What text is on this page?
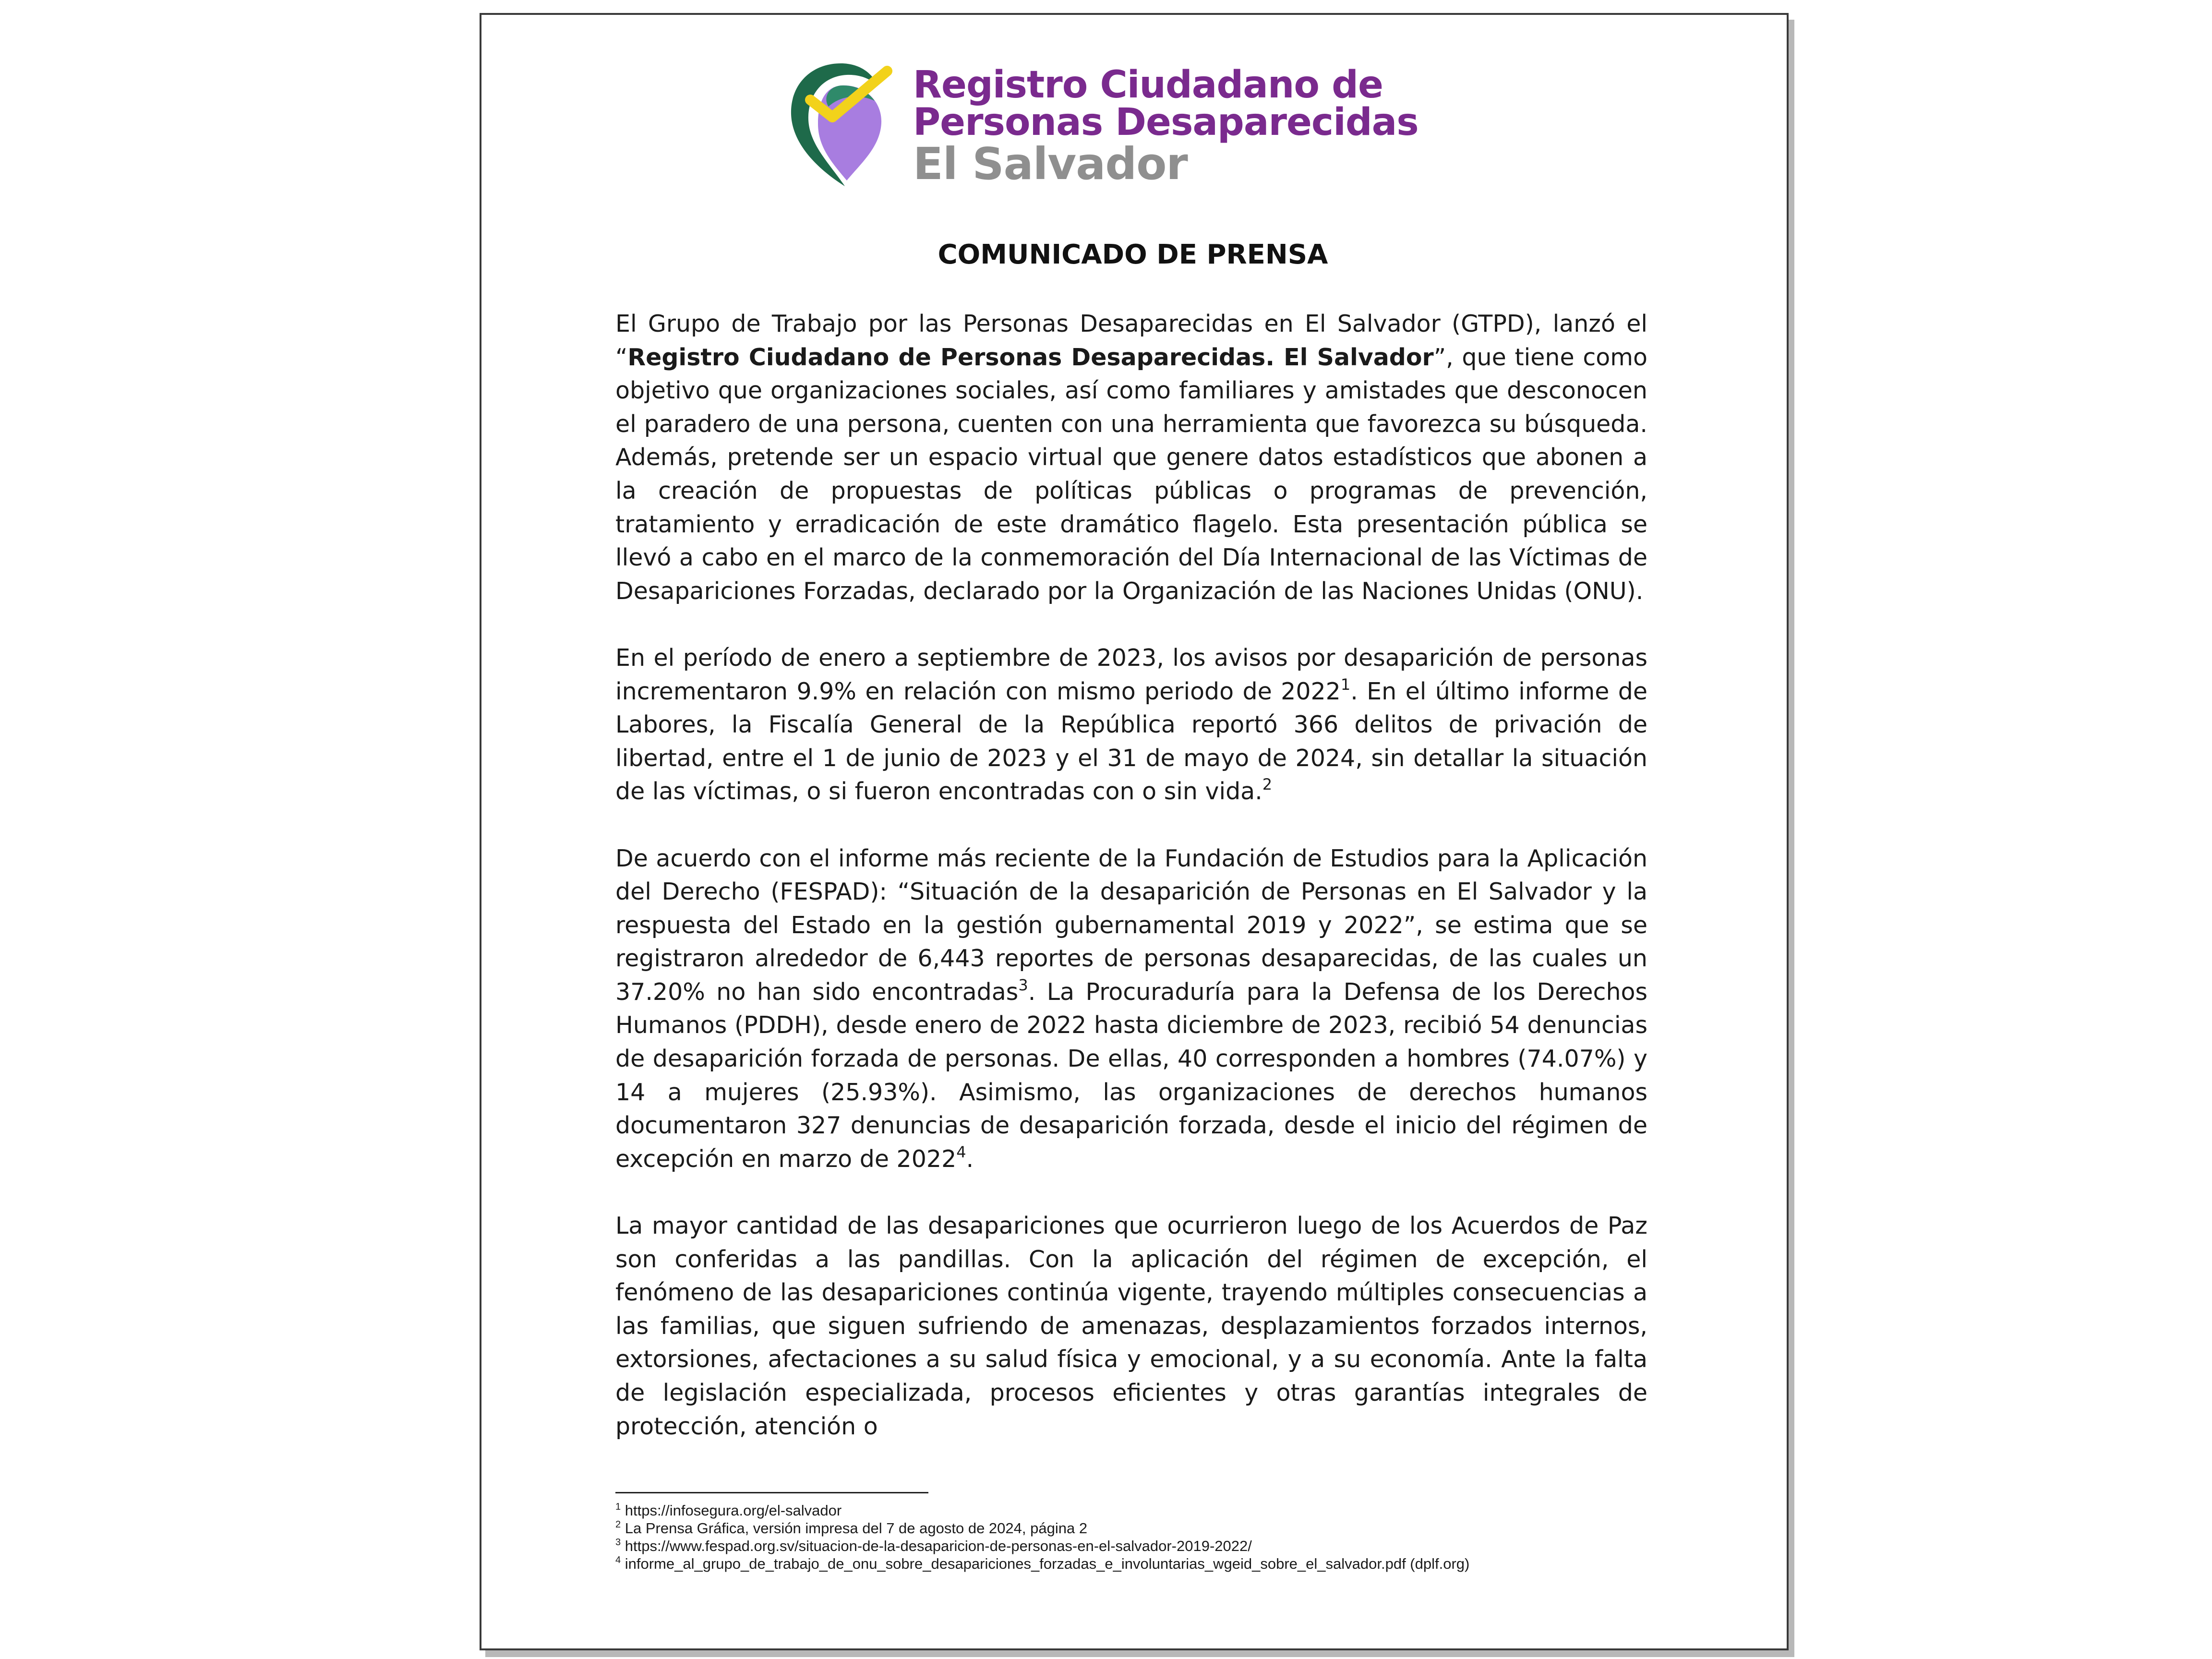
Registro Ciudadano de
Personas Desaparecidas
El Salvador
COMUNICADO DE PRENSA

El Grupo de Trabajo por las Personas Desaparecidas en El Salvador (GTPD), lanzó el “Registro Ciudadano de Personas Desaparecidas. El Salvador”, que tiene como objetivo que organizaciones sociales, así como familiares y amistades que desconocen el paradero de una persona, cuenten con una herramienta que favorezca su búsqueda. Además, pretende ser un espacio virtual que genere datos estadísticos que abonen a la creación de propuestas de políticas públicas o programas de prevención, tratamiento y erradicación de este dramático flagelo. Esta presentación pública se llevó a cabo en el marco de la conmemoración del Día Internacional de las Víctimas de Desapariciones Forzadas, declarado por la Organización de las Naciones Unidas (ONU).

En el período de enero a septiembre de 2023, los avisos por desaparición de personas incrementaron 9.9% en relación con mismo periodo de 2022$^1$. En el último informe de Labores, la Fiscalía General de la República reportó 366 delitos de privación de libertad, entre el 1 de junio de 2023 y el 31 de mayo de 2024, sin detallar la situación de las víctimas, o si fueron encontradas con o sin vida.$^2$

De acuerdo con el informe más reciente de la Fundación de Estudios para la Aplicación del Derecho (FESPAD): “Situación de la desaparición de Personas en El Salvador y la respuesta del Estado en la gestión gubernamental 2019 y 2022”, se estima que se registraron alrededor de 6,443 reportes de personas desaparecidas, de las cuales un 37.20% no han sido encontradas$^3$. La Procuraduría para la Defensa de los Derechos Humanos (PDDH), desde enero de 2022 hasta diciembre de 2023, recibió 54 denuncias de desaparición forzada de personas. De ellas, 40 corresponden a hombres (74.07%) y 14 a mujeres (25.93%). Asimismo, las organizaciones de derechos humanos documentaron 327 denuncias de desaparición forzada, desde el inicio del régimen de excepción en marzo de 2022$^4$.

La mayor cantidad de las desapariciones que ocurrieron luego de los Acuerdos de Paz son conferidas a las pandillas. Con la aplicación del régimen de excepción, el fenómeno de las desapariciones continúa vigente, trayendo múltiples consecuencias a las familias, que siguen sufriendo de amenazas, desplazamientos forzados internos, extorsiones, afectaciones a su salud física y emocional, y a su economía. Ante la falta de legislación especializada, procesos eficientes y otras garantías integrales de protección, atención o

$^1$ https://infosegura.org/el-salvador
$^2$ La Prensa Gráfica, versión impresa del 7 de agosto de 2024, página 2
$^3$ https://www.fespad.org.sv/situacion-de-la-desaparicion-de-personas-en-el-salvador-2019-2022/
$^4$ informe_al_grupo_de_trabajo_de_onu_sobre_desapariciones_forzadas_e_involuntarias_wgeid_sobre_el_salvador.pdf (dplf.org)
